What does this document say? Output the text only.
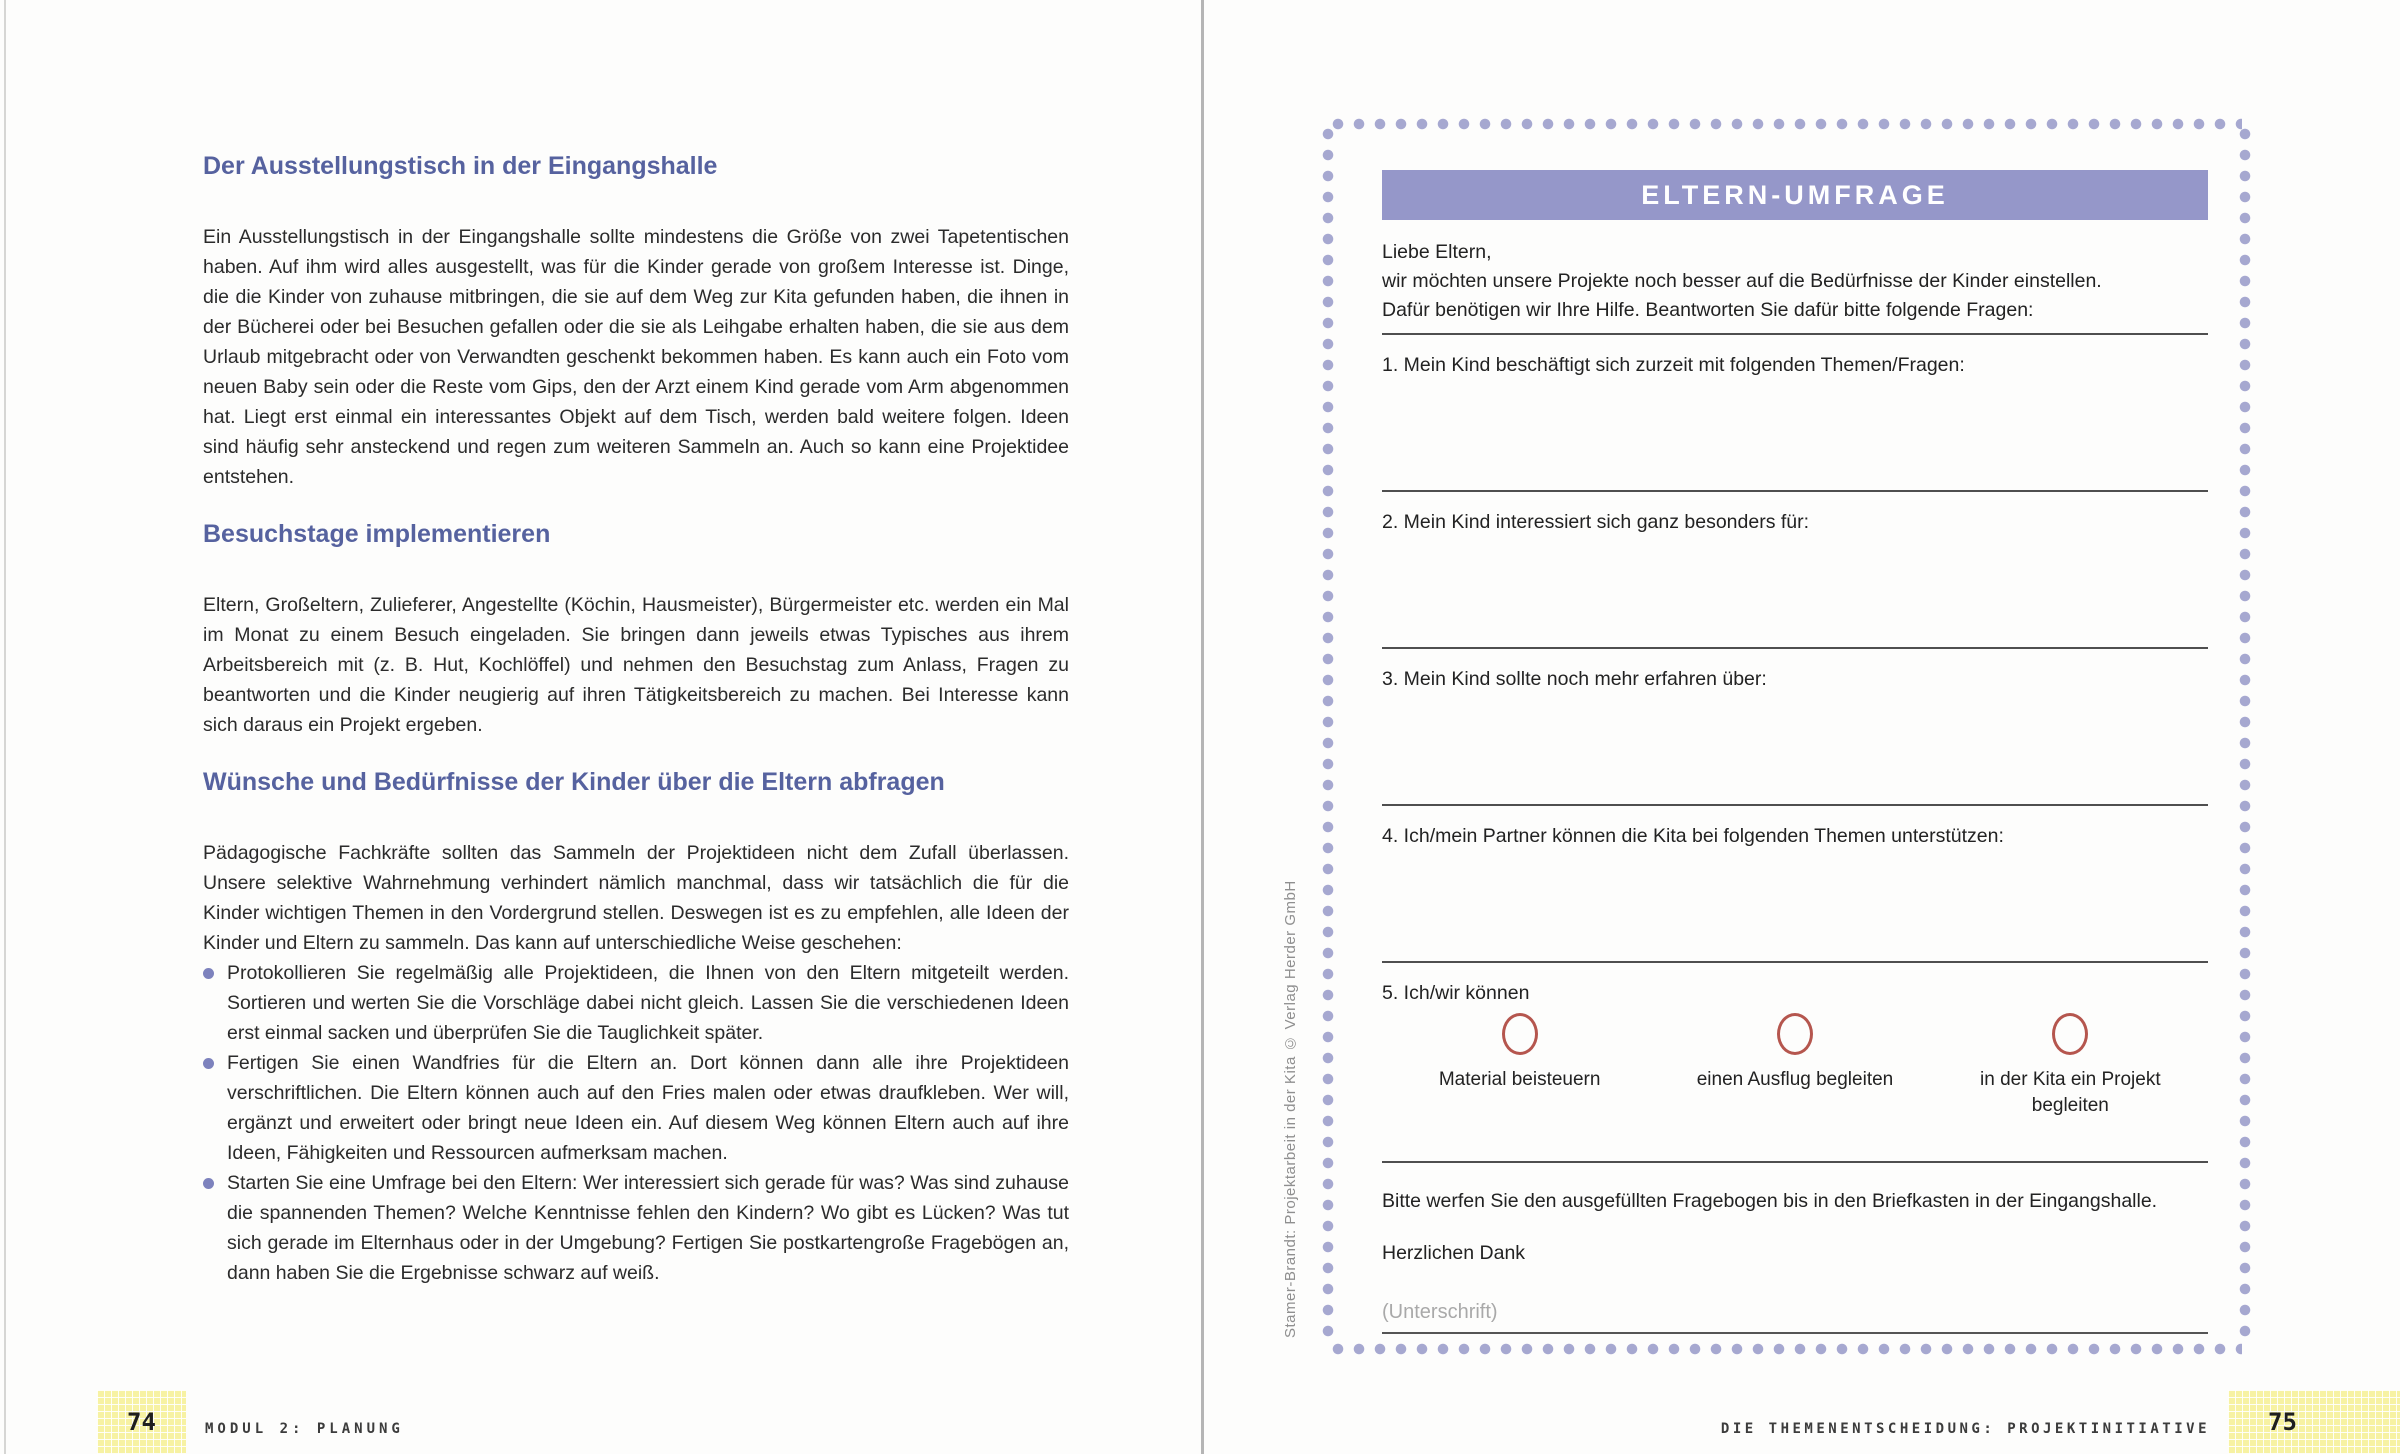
Der Ausstellungstisch in der Eingangshalle

Ein Ausstellungstisch in der Eingangshalle sollte mindestens die Größe von zwei Tapetentischen haben. Auf ihm wird alles ausgestellt, was für die Kinder gerade von großem Interesse ist. Dinge, die die Kinder von zuhause mitbringen, die sie auf dem Weg zur Kita gefunden haben, die ihnen in der Bücherei oder bei Besuchen gefallen oder die sie als Leihgabe erhalten haben, die sie aus dem Urlaub mitgebracht oder von Verwandten geschenkt bekommen haben. Es kann auch ein Foto vom neuen Baby sein oder die Reste vom Gips, den der Arzt einem Kind gerade vom Arm abgenommen hat. Liegt erst einmal ein interessantes Objekt auf dem Tisch, werden bald weitere folgen. Ideen sind häufig sehr ansteckend und regen zum weiteren Sammeln an. Auch so kann eine Projektidee entstehen.

Besuchstage implementieren

Eltern, Großeltern, Zulieferer, Angestellte (Köchin, Hausmeister), Bürgermeister etc. werden ein Mal im Monat zu einem Besuch eingeladen. Sie bringen dann jeweils etwas Typisches aus ihrem Arbeitsbereich mit (z. B. Hut, Kochlöffel) und nehmen den Besuchstag zum Anlass, Fragen zu beantworten und die Kinder neugierig auf ihren Tätigkeitsbereich zu machen. Bei Interesse kann sich daraus ein Projekt ergeben.

Wünsche und Bedürfnisse der Kinder über die Eltern abfragen

Pädagogische Fachkräfte sollten das Sammeln der Projektideen nicht dem Zufall überlassen. Unsere selektive Wahrnehmung verhindert nämlich manchmal, dass wir tatsächlich die für die Kinder wichtigen Themen in den Vordergrund stellen. Deswegen ist es zu empfehlen, alle Ideen der Kinder und Eltern zu sammeln. Das kann auf unterschiedliche Weise geschehen:

Protokollieren Sie regelmäßig alle Projektideen, die Ihnen von den Eltern mitgeteilt werden. Sortieren und werten Sie die Vorschläge dabei nicht gleich. Lassen Sie die verschiedenen Ideen erst einmal sacken und überprüfen Sie die Tauglichkeit später.
Fertigen Sie einen Wandfries für die Eltern an. Dort können dann alle ihre Projektideen verschriftlichen. Die Eltern können auch auf den Fries malen oder etwas draufkleben. Wer will, ergänzt und erweitert oder bringt neue Ideen ein. Auf diesem Weg können Eltern auch auf ihre Ideen, Fähigkeiten und Ressourcen aufmerksam machen.
Starten Sie eine Umfrage bei den Eltern: Wer interessiert sich gerade für was? Was sind zuhause die spannenden Themen? Welche Kenntnisse fehlen den Kindern? Wo gibt es Lücken? Was tut sich gerade im Elternhaus oder in der Umgebung? Fertigen Sie postkartengroße Fragebögen an, dann haben Sie die Ergebnisse schwarz auf weiß.
74	MODUL 2: PLANUNG
Stamer-Brandt: Projektarbeit in der Kita © Verlag Herder GmbH
ELTERN-UMFRAGE

Liebe Eltern,

wir möchten unsere Projekte noch besser auf die Bedürfnisse der Kinder einstellen.

Dafür benötigen wir Ihre Hilfe. Beantworten Sie dafür bitte folgende Fragen:

1. Mein Kind beschäftigt sich zurzeit mit folgenden Themen/Fragen:
2. Mein Kind interessiert sich ganz besonders für:
3. Mein Kind sollte noch mehr erfahren über:
4. Ich/mein Partner können die Kita bei folgenden Themen unterstützen:
5. Ich/wir können
Material beisteuern	einen Ausflug begleiten	in der Kita ein Projekt begleiten

Bitte werfen Sie den ausgefüllten Fragebogen bis in den Briefkasten in der Eingangshalle.

Herzlichen Dank

(Unterschrift)
DIE THEMENENTSCHEIDUNG: PROJEKTINITIATIVE 75
